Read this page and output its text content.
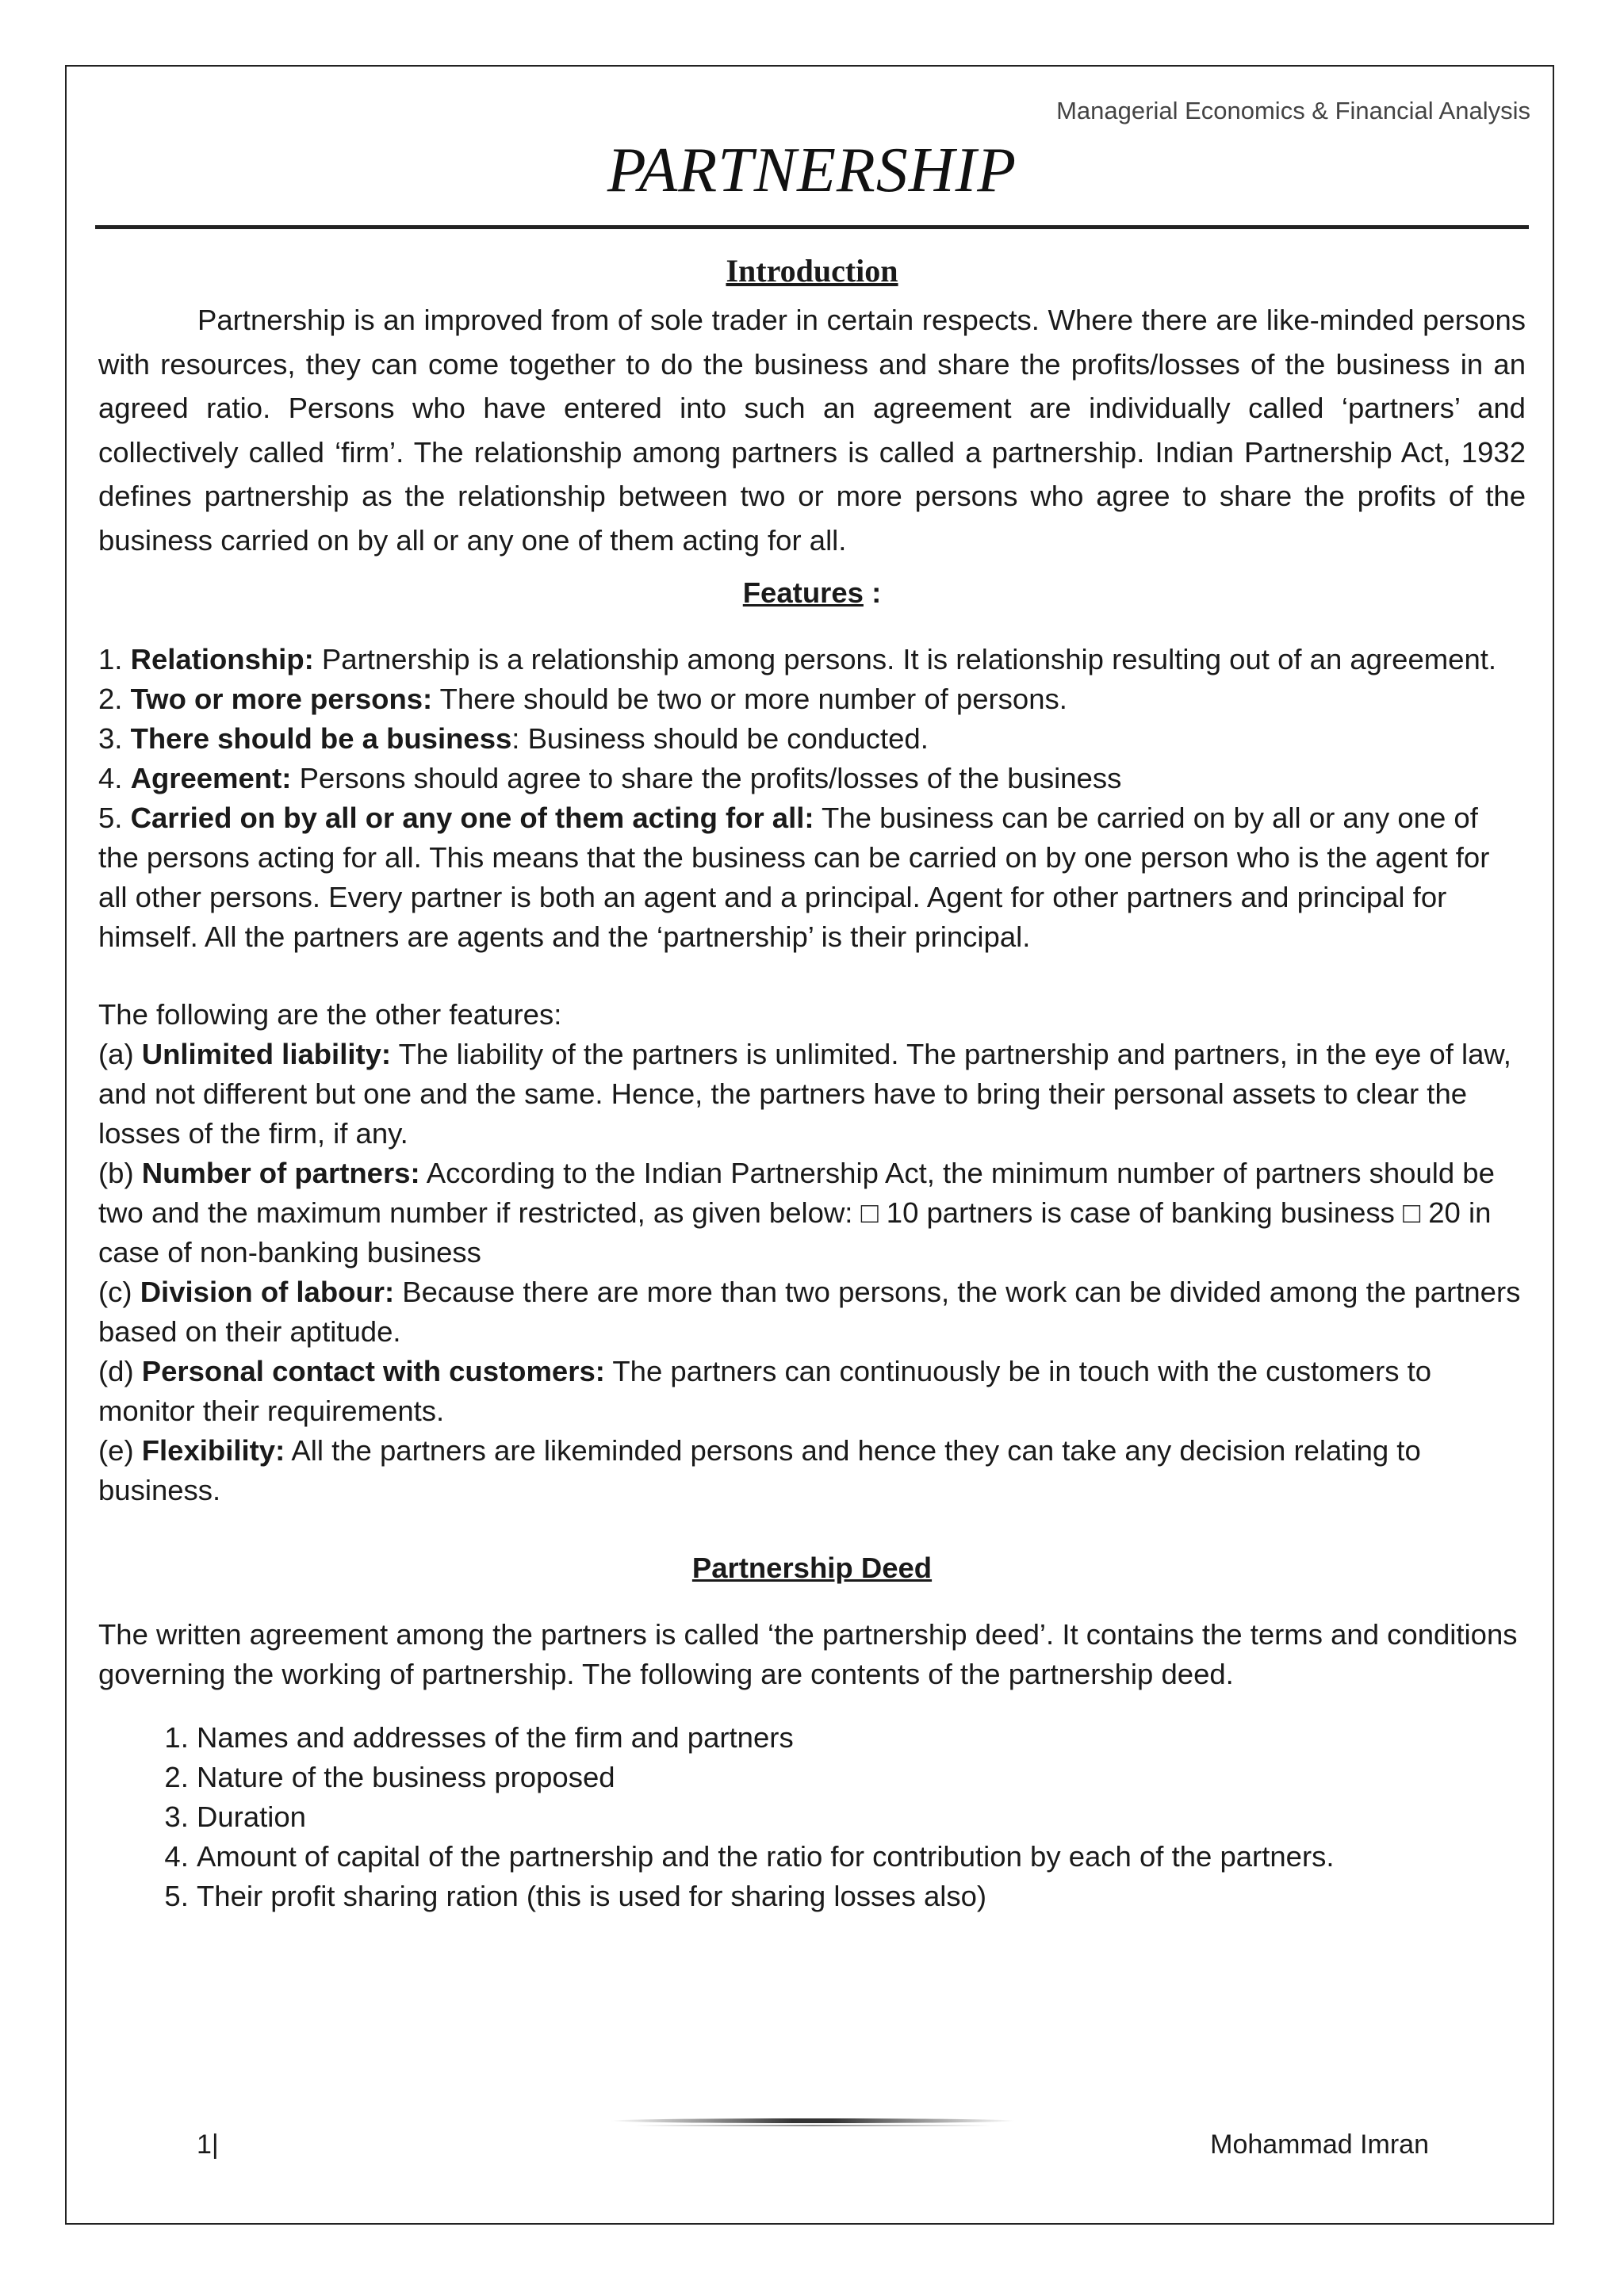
Managerial Economics & Financial Analysis
PARTNERSHIP
Introduction

Partnership is an improved from of sole trader in certain respects. Where there are like-minded persons with resources, they can come together to do the business and share the profits/losses of the business in an agreed ratio. Persons who have entered into such an agreement are individually called ‘partners’ and collectively called ‘firm’. The relationship among partners is called a partnership. Indian Partnership Act, 1932 defines partnership as the relationship between two or more persons who agree to share the profits of the business carried on by all or any one of them acting for all.

Features :

1. Relationship: Partnership is a relationship among persons. It is relationship resulting out of an agreement.

2. Two or more persons: There should be two or more number of persons.

3. There should be a business: Business should be conducted.

4. Agreement: Persons should agree to share the profits/losses of the business

5. Carried on by all or any one of them acting for all: The business can be carried on by all or any one of the persons acting for all. This means that the business can be carried on by one person who is the agent for all other persons. Every partner is both an agent and a principal. Agent for other partners and principal for himself. All the partners are agents and the ‘partnership’ is their principal.

The following are the other features:

(a) Unlimited liability: The liability of the partners is unlimited. The partnership and partners, in the eye of law, and not different but one and the same. Hence, the partners have to bring their personal assets to clear the losses of the firm, if any.

(b) Number of partners: According to the Indian Partnership Act, the minimum number of partners should be two and the maximum number if restricted, as given below: □ 10 partners is case of banking business □ 20 in case of non-banking business

(c) Division of labour: Because there are more than two persons, the work can be divided among the partners based on their aptitude.

(d) Personal contact with customers: The partners can continuously be in touch with the customers to monitor their requirements.

(e) Flexibility: All the partners are likeminded persons and hence they can take any decision relating to business.

Partnership Deed

The written agreement among the partners is called ‘the partnership deed’. It contains the terms and conditions governing the working of partnership. The following are contents of the partnership deed.

1. Names and addresses of the firm and partners
2. Nature of the business proposed
3. Duration
4. Amount of capital of the partnership and the ratio for contribution by each of the partners.
5. Their profit sharing ration (this is used for sharing losses also)
1|	Mohammad Imran
